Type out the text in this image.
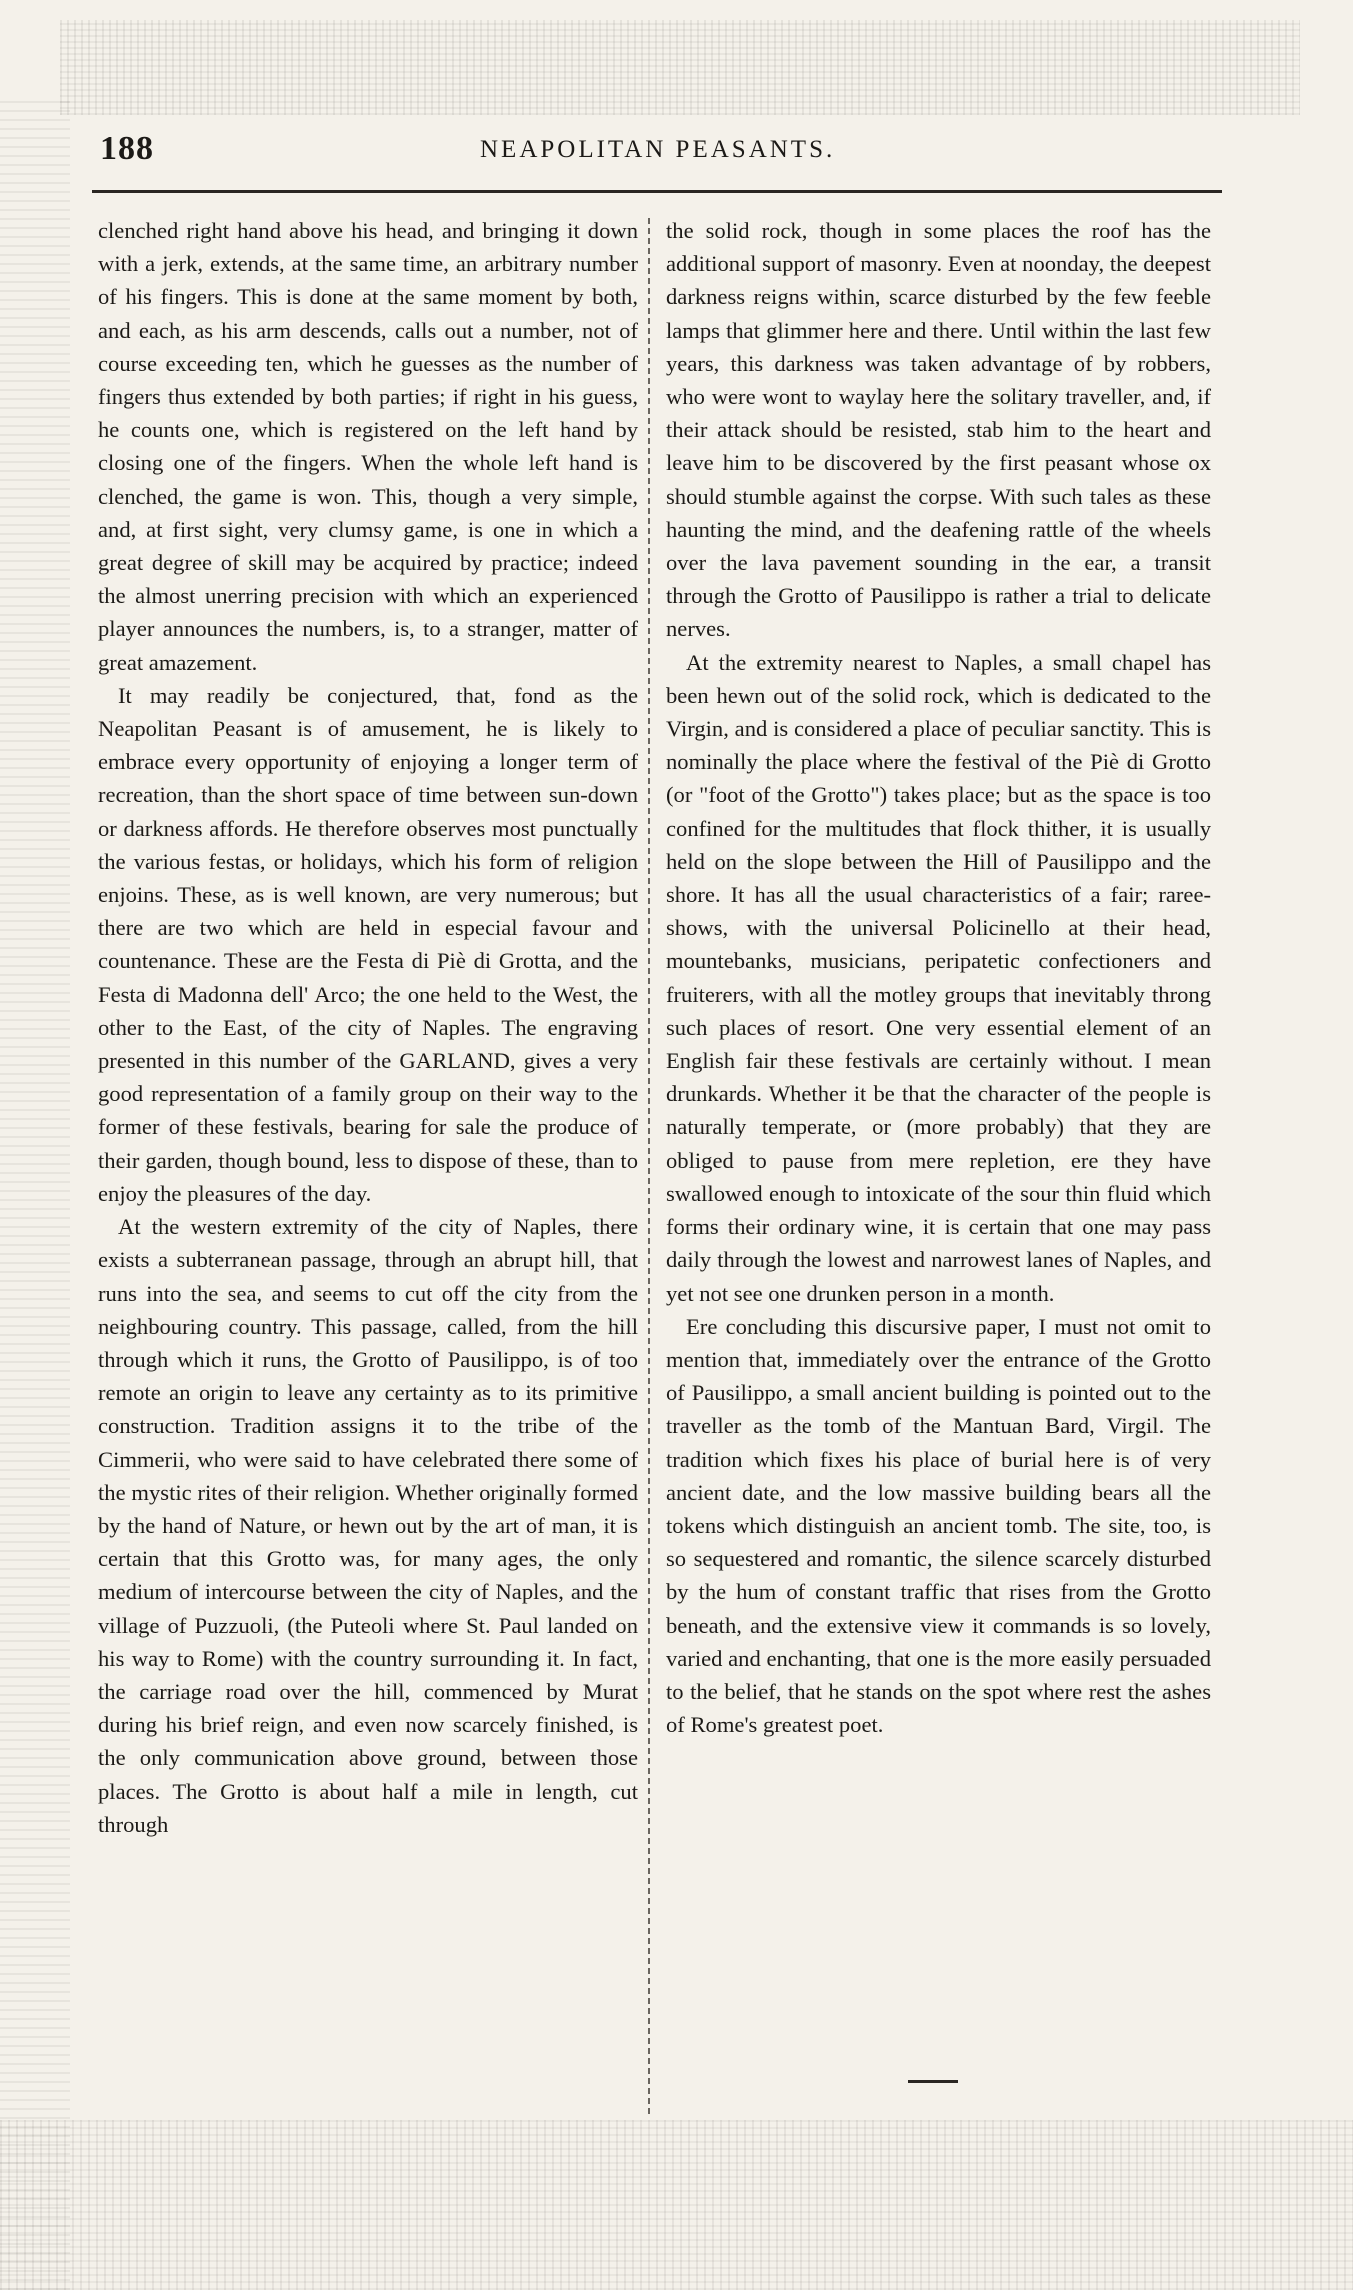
188	NEAPOLITAN PEASANTS.

clenched right hand above his head, and bringing it down with a jerk, extends, at the same time, an arbitrary number of his fingers. This is done at the same moment by both, and each, as his arm descends, calls out a number, not of course exceeding ten, which he guesses as the number of fingers thus extended by both parties; if right in his guess, he counts one, which is registered on the left hand by closing one of the fingers. When the whole left hand is clenched, the game is won. This, though a very simple, and, at first sight, very clumsy game, is one in which a great degree of skill may be acquired by practice; indeed the almost unerring precision with which an experienced player announces the numbers, is, to a stranger, matter of great amazement.

It may readily be conjectured, that, fond as the Neapolitan Peasant is of amusement, he is likely to embrace every opportunity of enjoying a longer term of recreation, than the short space of time between sun-down or darkness affords. He therefore observes most punctually the various festas, or holidays, which his form of religion enjoins. These, as is well known, are very numerous; but there are two which are held in especial favour and countenance. These are the Festa di Piè di Grotta, and the Festa di Madonna dell' Arco; the one held to the West, the other to the East, of the city of Naples. The engraving presented in this number of the GARLAND, gives a very good representation of a family group on their way to the former of these festivals, bearing for sale the produce of their garden, though bound, less to dispose of these, than to enjoy the pleasures of the day.

At the western extremity of the city of Naples, there exists a subterranean passage, through an abrupt hill, that runs into the sea, and seems to cut off the city from the neighbouring country. This passage, called, from the hill through which it runs, the Grotto of Pausilippo, is of too remote an origin to leave any certainty as to its primitive construction. Tradition assigns it to the tribe of the Cimmerii, who were said to have celebrated there some of the mystic rites of their religion. Whether originally formed by the hand of Nature, or hewn out by the art of man, it is certain that this Grotto was, for many ages, the only medium of intercourse between the city of Naples, and the village of Puzzuoli, (the Puteoli where St. Paul landed on his way to Rome) with the country surrounding it. In fact, the carriage road over the hill, commenced by Murat during his brief reign, and even now scarcely finished, is the only communication above ground, between those places. The Grotto is about half a mile in length, cut through

the solid rock, though in some places the roof has the additional support of masonry. Even at noonday, the deepest darkness reigns within, scarce disturbed by the few feeble lamps that glimmer here and there. Until within the last few years, this darkness was taken advantage of by robbers, who were wont to waylay here the solitary traveller, and, if their attack should be resisted, stab him to the heart and leave him to be discovered by the first peasant whose ox should stumble against the corpse. With such tales as these haunting the mind, and the deafening rattle of the wheels over the lava pavement sounding in the ear, a transit through the Grotto of Pausilippo is rather a trial to delicate nerves.

At the extremity nearest to Naples, a small chapel has been hewn out of the solid rock, which is dedicated to the Virgin, and is considered a place of peculiar sanctity. This is nominally the place where the festival of the Piè di Grotto (or "foot of the Grotto") takes place; but as the space is too confined for the multitudes that flock thither, it is usually held on the slope between the Hill of Pausilippo and the shore. It has all the usual characteristics of a fair; raree-shows, with the universal Policinello at their head, mountebanks, musicians, peripatetic confectioners and fruiterers, with all the motley groups that inevitably throng such places of resort. One very essential element of an English fair these festivals are certainly without. I mean drunkards. Whether it be that the character of the people is naturally temperate, or (more probably) that they are obliged to pause from mere repletion, ere they have swallowed enough to intoxicate of the sour thin fluid which forms their ordinary wine, it is certain that one may pass daily through the lowest and narrowest lanes of Naples, and yet not see one drunken person in a month.

Ere concluding this discursive paper, I must not omit to mention that, immediately over the entrance of the Grotto of Pausilippo, a small ancient building is pointed out to the traveller as the tomb of the Mantuan Bard, Virgil. The tradition which fixes his place of burial here is of very ancient date, and the low massive building bears all the tokens which distinguish an ancient tomb. The site, too, is so sequestered and romantic, the silence scarcely disturbed by the hum of constant traffic that rises from the Grotto beneath, and the extensive view it commands is so lovely, varied and enchanting, that one is the more easily persuaded to the belief, that he stands on the spot where rest the ashes of Rome's greatest poet.
